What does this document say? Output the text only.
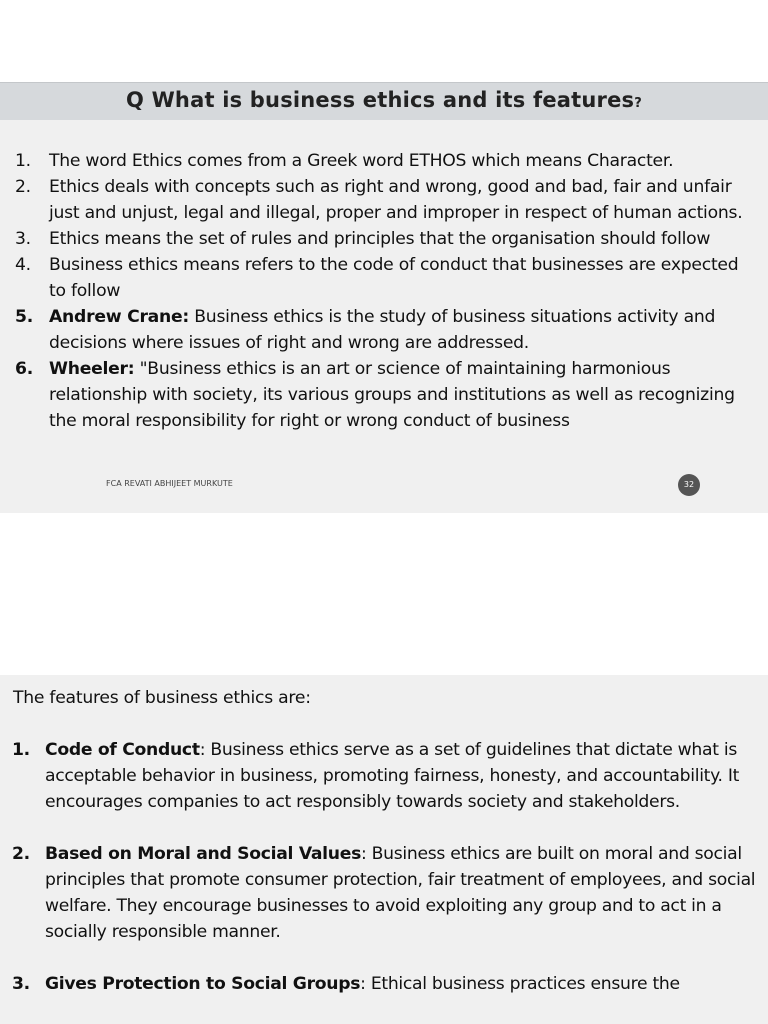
Q What is business ethics and its features?
1.	The word Ethics comes from a Greek word ETHOS which means Character.
2.	Ethics deals with concepts such as right and wrong, good and bad, fair and unfair just and unjust, legal and illegal, proper and improper in respect of human actions.
3.	Ethics means the set of rules and principles that the organisation should follow
4.	Business ethics means refers to the code of conduct that businesses are expected to follow
5. Andrew Crane: Business ethics is the study of business situations activity and decisions where issues of right and wrong are addressed.
6. Wheeler: "Business ethics is an art or science of maintaining harmonious relationship with society, its various groups and institutions as well as recognizing the moral responsibility for right or wrong conduct of business
FCA REVATI ABHIJEET MURKUTE	32
The features of business ethics are:
1. Code of Conduct: Business ethics serve as a set of guidelines that dictate what is acceptable behavior in business, promoting fairness, honesty, and accountability. It encourages companies to act responsibly towards society and stakeholders.
2. Based on Moral and Social Values: Business ethics are built on moral and social principles that promote consumer protection, fair treatment of employees, and social welfare. They encourage businesses to avoid exploiting any group and to act in a socially responsible manner.
3. Gives Protection to Social Groups: Ethical business practices ensure the
